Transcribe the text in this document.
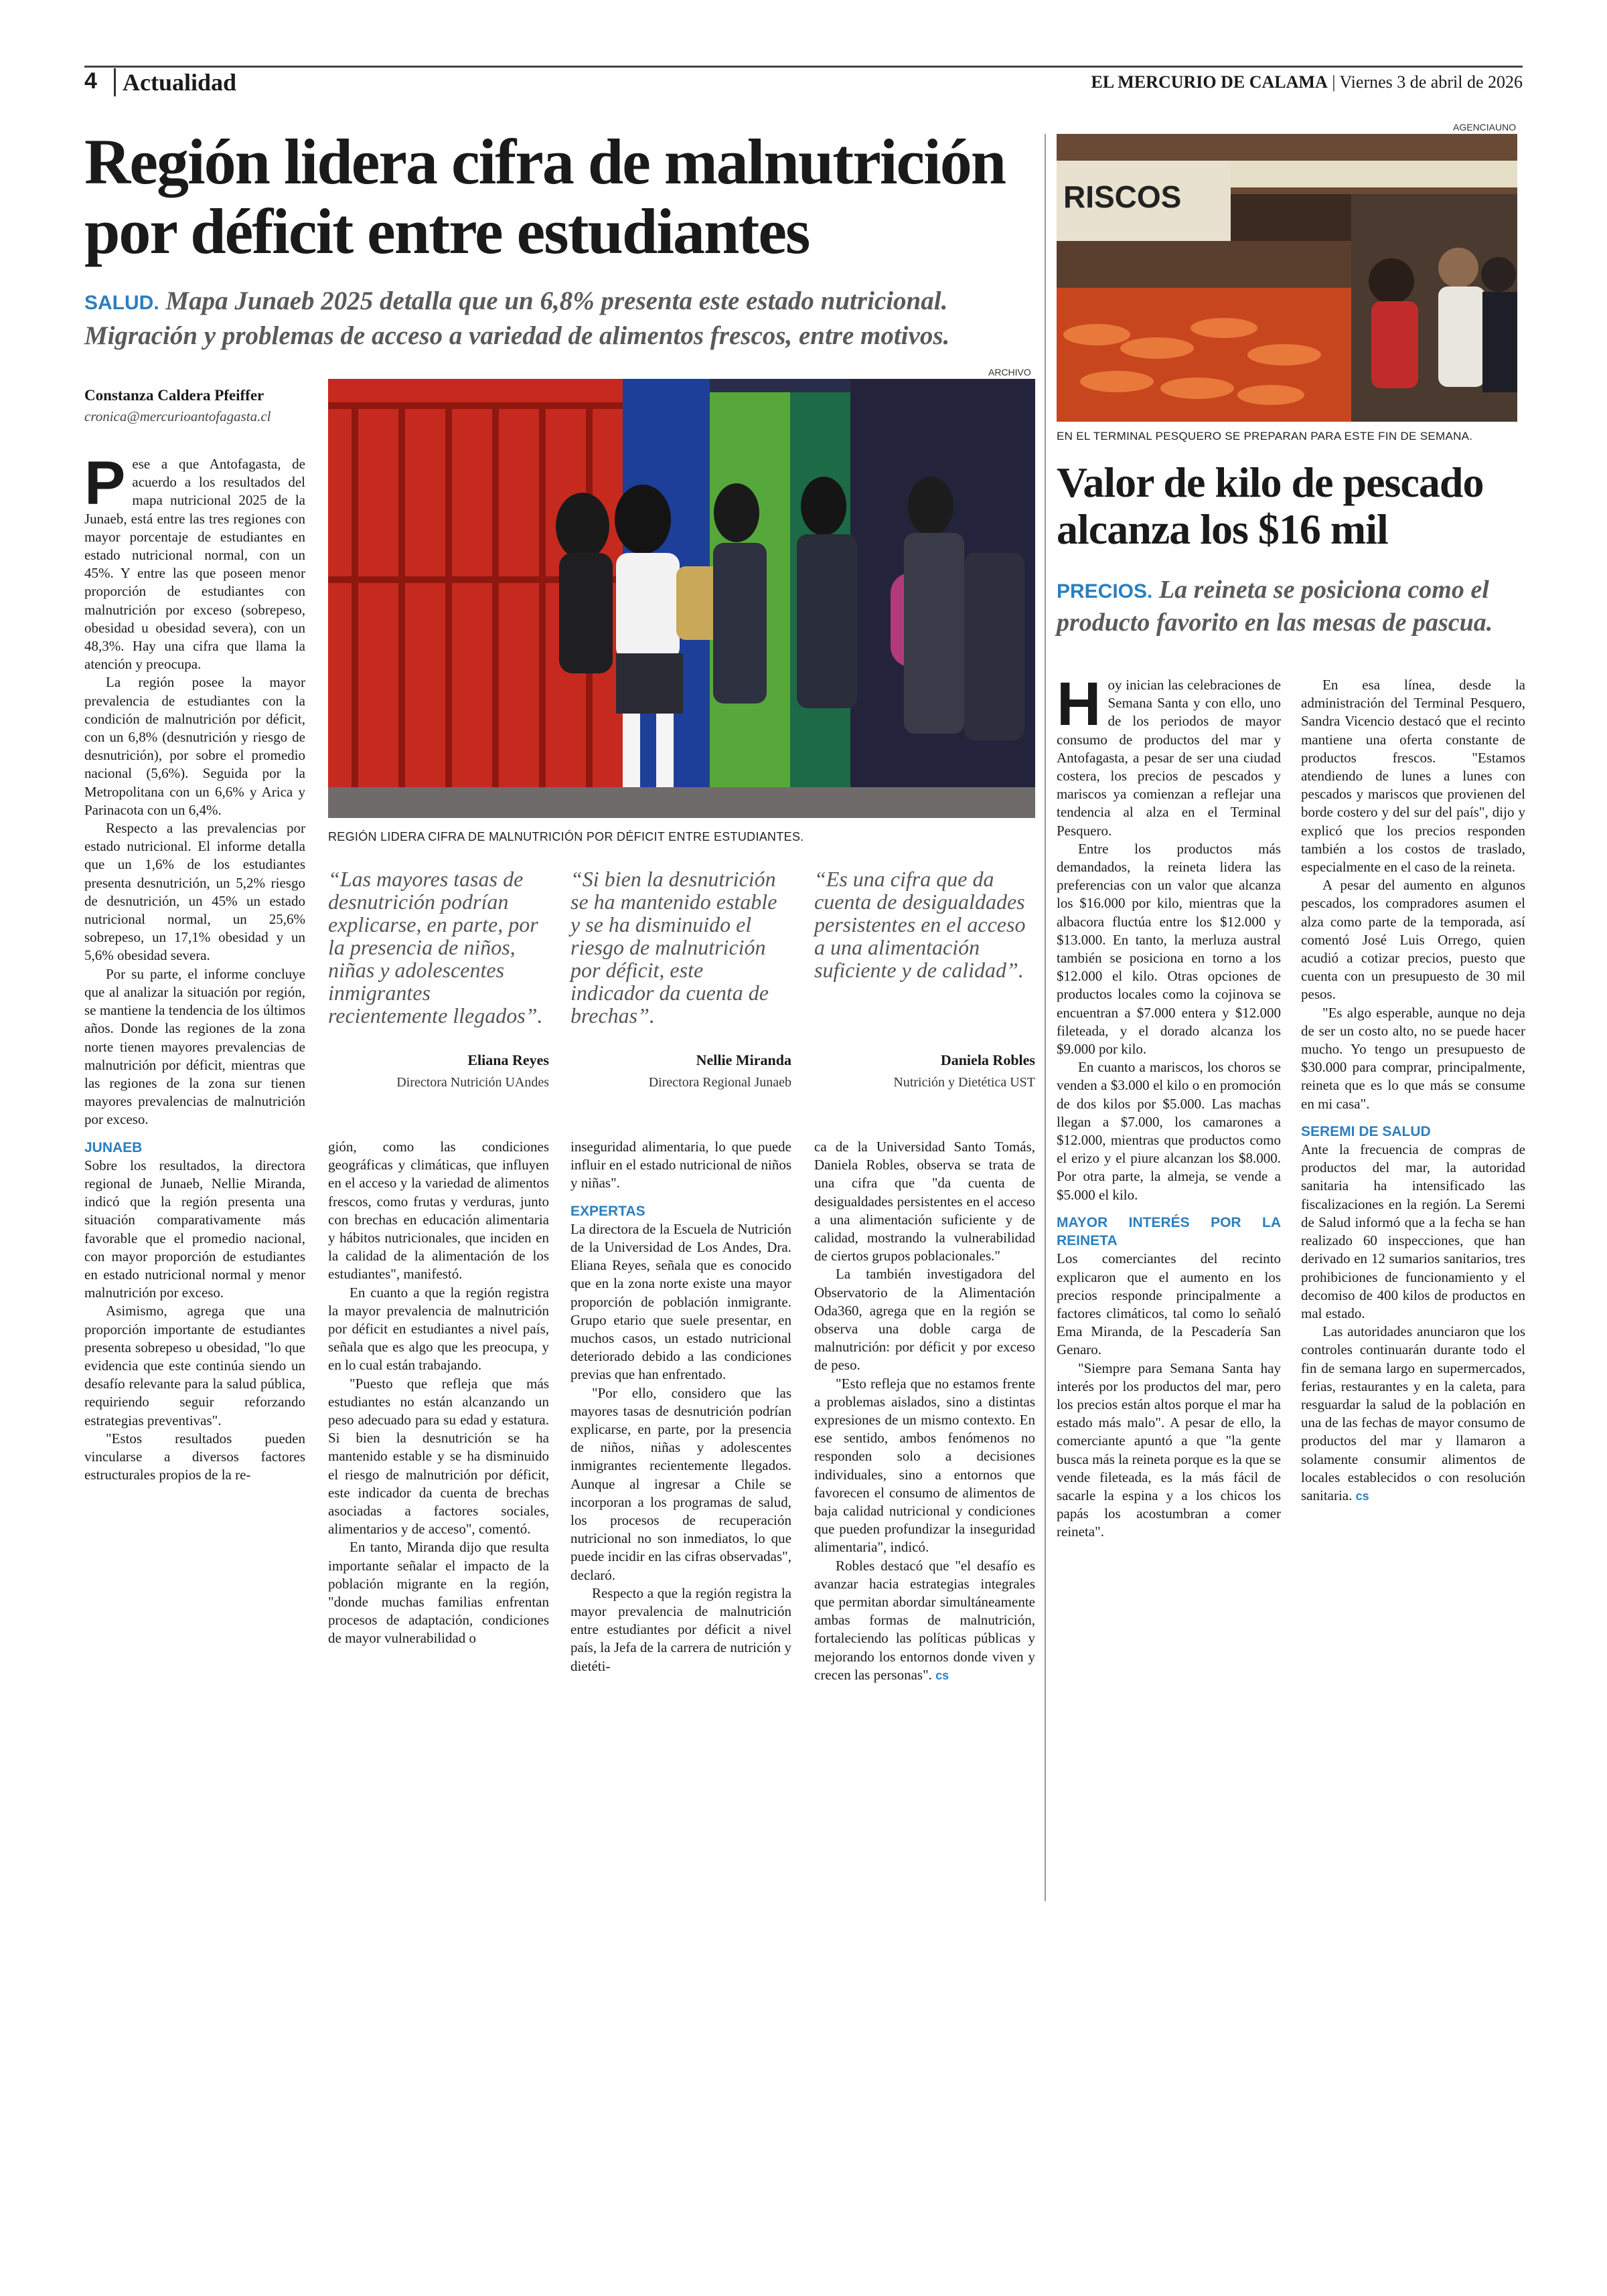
4	Actualidad	EL MERCURIO DE CALAMA | Viernes 3 de abril de 2026
Región lidera cifra de malnutrición por déficit entre estudiantes
SALUD. Mapa Junaeb 2025 detalla que un 6,8% presenta este estado nutricional. Migración y problemas de acceso a variedad de alimentos frescos, entre motivos.
Constanza Caldera Pfeiffer
cronica@mercurioantofagasta.cl
ARCHIVO
REGIÓN LIDERA CIFRA DE MALNUTRICIÓN POR DÉFICIT ENTRE ESTUDIANTES.

Pese a que Antofagasta, de acuerdo a los resultados del mapa nutricional 2025 de la Junaeb, está entre las tres regiones con mayor porcentaje de estudiantes en estado nutricional normal, con un 45%. Y entre las que poseen menor proporción de estudiantes con malnutrición por exceso (sobrepeso, obesidad u obesidad severa), con un 48,3%. Hay una cifra que llama la atención y preocupa.

La región posee la mayor prevalencia de estudiantes con la condición de malnutrición por déficit, con un 6,8% (desnutrición y riesgo de desnutrición), por sobre el promedio nacional (5,6%). Seguida por la Metropolitana con un 6,6% y Arica y Parinacota con un 6,4%.

Respecto a las prevalencias por estado nutricional. El informe detalla que un 1,6% de los estudiantes presenta desnutrición, un 5,2% riesgo de desnutrición, un 45% un estado nutricional normal, un 25,6% sobrepeso, un 17,1% obesidad y un 5,6% obesidad severa.

Por su parte, el informe concluye que al analizar la situación por región, se mantiene la tendencia de los últimos años. Donde las regiones de la zona norte tienen mayores prevalencias de malnutrición por déficit, mientras que las regiones de la zona sur tienen mayores prevalencias de malnutrición por exceso.

JUNAEB

Sobre los resultados, la directora regional de Junaeb, Nellie Miranda, indicó que la región presenta una situación comparativamente más favorable que el promedio nacional, con mayor proporción de estudiantes en estado nutricional normal y menor malnutrición por exceso.

Asimismo, agrega que una proporción importante de estudiantes presenta sobrepeso u obesidad, "lo que evidencia que este continúa siendo un desafío relevante para la salud pública, requiriendo seguir reforzando estrategias preventivas".

"Estos resultados pueden vincularse a diversos factores estructurales propios de la re-

“Las mayores tasas de desnutrición podrían explicarse, en parte, por la presencia de niños, niñas y adolescentes inmigrantes recientemente llegados”.
Eliana Reyes
Directora Nutrición UAndes
“Si bien la desnutrición se ha mantenido estable y se ha disminuido el riesgo de malnutrición por déficit, este indicador da cuenta de brechas”.
Nellie Miranda
Directora Regional Junaeb
“Es una cifra que da cuenta de desigualdades persistentes en el acceso a una alimentación suficiente y de calidad”.
Daniela Robles
Nutrición y Dietética UST

gión, como las condiciones geográficas y climáticas, que influyen en el acceso y la variedad de alimentos frescos, como frutas y verduras, junto con brechas en educación alimentaria y hábitos nutricionales, que inciden en la calidad de la alimentación de los estudiantes", manifestó.

En cuanto a que la región registra la mayor prevalencia de malnutrición por déficit en estudiantes a nivel país, señala que es algo que les preocupa, y en lo cual están trabajando.

"Puesto que refleja que más estudiantes no están alcanzando un peso adecuado para su edad y estatura. Si bien la desnutrición se ha mantenido estable y se ha disminuido el riesgo de malnutrición por déficit, este indicador da cuenta de brechas asociadas a factores sociales, alimentarios y de acceso", comentó.

En tanto, Miranda dijo que resulta importante señalar el impacto de la población migrante en la región, "donde muchas familias enfrentan procesos de adaptación, condiciones de mayor vulnerabilidad o

inseguridad alimentaria, lo que puede influir en el estado nutricional de niños y niñas".

EXPERTAS

La directora de la Escuela de Nutrición de la Universidad de Los Andes, Dra. Eliana Reyes, señala que es conocido que en la zona norte existe una mayor proporción de población inmigrante. Grupo etario que suele presentar, en muchos casos, un estado nutricional deteriorado debido a las condiciones previas que han enfrentado.

"Por ello, considero que las mayores tasas de desnutrición podrían explicarse, en parte, por la presencia de niños, niñas y adolescentes inmigrantes recientemente llegados. Aunque al ingresar a Chile se incorporan a los programas de salud, los procesos de recuperación nutricional no son inmediatos, lo que puede incidir en las cifras observadas", declaró.

Respecto a que la región registra la mayor prevalencia de malnutrición entre estudiantes por déficit a nivel país, la Jefa de la carrera de nutrición y dietéti-

ca de la Universidad Santo Tomás, Daniela Robles, observa se trata de una cifra que "da cuenta de desigualdades persistentes en el acceso a una alimentación suficiente y de calidad, mostrando la vulnerabilidad de ciertos grupos poblacionales."

La también investigadora del Observatorio de la Alimentación Oda360, agrega que en la región se observa una doble carga de malnutrición: por déficit y por exceso de peso.

"Esto refleja que no estamos frente a problemas aislados, sino a distintas expresiones de un mismo contexto. En ese sentido, ambos fenómenos no responden solo a decisiones individuales, sino a entornos que favorecen el consumo de alimentos de baja calidad nutricional y condiciones que pueden profundizar la inseguridad alimentaria", indicó.

Robles destacó que "el desafío es avanzar hacia estrategias integrales que permitan abordar simultáneamente ambas formas de malnutrición, fortaleciendo las políticas públicas y mejorando los entornos donde viven y crecen las personas". cs

AGENCIAUNO
RISCOS
EN EL TERMINAL PESQUERO SE PREPARAN PARA ESTE FIN DE SEMANA.
Valor de kilo de pescado alcanza los $16 mil
PRECIOS. La reineta se posiciona como el producto favorito en las mesas de pascua.

Hoy inician las celebraciones de Semana Santa y con ello, uno de los periodos de mayor consumo de productos del mar y Antofagasta, a pesar de ser una ciudad costera, los precios de pescados y mariscos ya comienzan a reflejar una tendencia al alza en el Terminal Pesquero.

Entre los productos más demandados, la reineta lidera las preferencias con un valor que alcanza los $16.000 por kilo, mientras que la albacora fluctúa entre los $12.000 y $13.000. En tanto, la merluza austral también se posiciona en torno a los $12.000 el kilo. Otras opciones de productos locales como la cojinova se encuentran a $7.000 entera y $12.000 fileteada, y el dorado alcanza los $9.000 por kilo.

En cuanto a mariscos, los choros se venden a $3.000 el kilo o en promoción de dos kilos por $5.000. Las machas llegan a $7.000, los camarones a $12.000, mientras que productos como el erizo y el piure alcanzan los $8.000. Por otra parte, la almeja, se vende a $5.000 el kilo.

MAYOR INTERÉS POR LA REINETA

Los comerciantes del recinto explicaron que el aumento en los precios responde principalmente a factores climáticos, tal como lo señaló Ema Miranda, de la Pescadería San Genaro.

"Siempre para Semana Santa hay interés por los productos del mar, pero los precios están altos porque el mar ha estado más malo". A pesar de ello, la comerciante apuntó a que "la gente busca más la reineta porque es la que se vende fileteada, es la más fácil de sacarle la espina y a los chicos los papás los acostumbran a comer reineta".

En esa línea, desde la administración del Terminal Pesquero, Sandra Vicencio destacó que el recinto mantiene una oferta constante de productos frescos. "Estamos atendiendo de lunes a lunes con pescados y mariscos que provienen del borde costero y del sur del país", dijo y explicó que los precios responden también a los costos de traslado, especialmente en el caso de la reineta.

A pesar del aumento en algunos pescados, los compradores asumen el alza como parte de la temporada, así comentó José Luis Orrego, quien acudió a cotizar precios, puesto que cuenta con un presupuesto de 30 mil pesos.

"Es algo esperable, aunque no deja de ser un costo alto, no se puede hacer mucho. Yo tengo un presupuesto de $30.000 para comprar, principalmente, reineta que es lo que más se consume en mi casa".

SEREMI DE SALUD

Ante la frecuencia de compras de productos del mar, la autoridad sanitaria ha intensificado las fiscalizaciones en la región. La Seremi de Salud informó que a la fecha se han realizado 60 inspecciones, que han derivado en 12 sumarios sanitarios, tres prohibiciones de funcionamiento y el decomiso de 400 kilos de productos en mal estado.

Las autoridades anunciaron que los controles continuarán durante todo el fin de semana largo en supermercados, ferias, restaurantes y en la caleta, para resguardar la salud de la población en una de las fechas de mayor consumo de productos del mar y llamaron a solamente consumir alimentos de locales establecidos o con resolución sanitaria. cs
